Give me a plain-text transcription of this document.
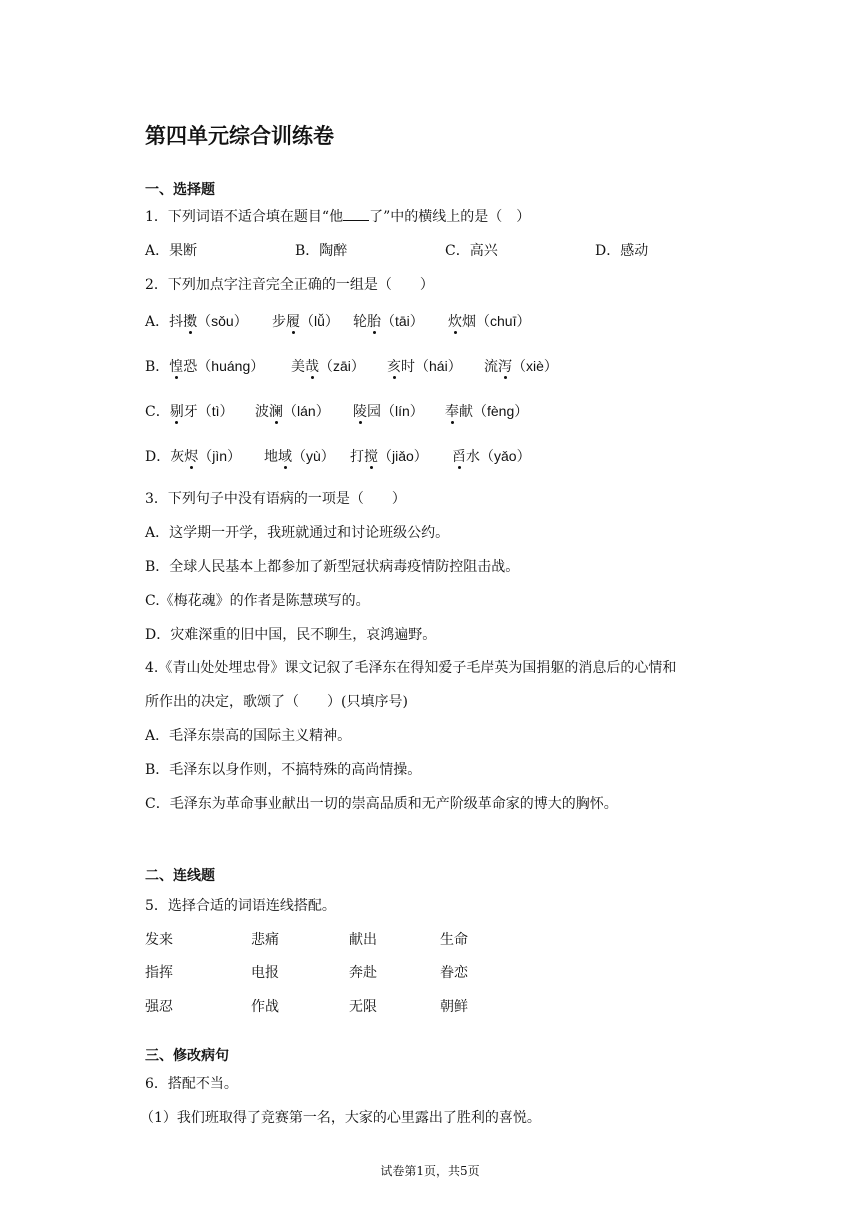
第四单元综合训练卷
一、选择题
1．下列词语不适合填在题目“他 了”中的横线上的是（　）
A．果断	B．陶醉	C．高兴	D．感动
2．下列加点字注音完全正确的一组是（　　）
A．抖擞（sǒu） 步履（lǚ） 轮胎（tāi） 炊烟（chuī）
B．惶恐（huáng） 美哉（zāi） 亥时（hái） 流泻（xiè）
C．剔牙（tì） 波澜（lán） 陵园（lín） 奉献（fèng）
D．灰烬（jìn） 地域（yù） 打搅（jiǎo） 舀水（yǎo）
3．下列句子中没有语病的一项是（　　）
A．这学期一开学，我班就通过和讨论班级公约。
B．全球人民基本上都参加了新型冠状病毒疫情防控阻击战。
C.《梅花魂》的作者是陈慧瑛写的。
D．灾难深重的旧中国，民不聊生，哀鸿遍野。
4.《青山处处埋忠骨》课文记叙了毛泽东在得知爱子毛岸英为国捐躯的消息后的心情和
所作出的决定，歌颂了（　　）(只填序号)
A．毛泽东崇高的国际主义精神。
B．毛泽东以身作则，不搞特殊的高尚情操。
C．毛泽东为革命事业献出一切的崇高品质和无产阶级革命家的博大的胸怀。
二、连线题
5．选择合适的词语连线搭配。
发来	悲痛	献出	生命
指挥	电报	奔赴	眷恋
强忍	作战	无限	朝鲜
三、修改病句
6．搭配不当。
（1）我们班取得了竞赛第一名，大家的心里露出了胜利的喜悦。
试卷第1页，共5页
